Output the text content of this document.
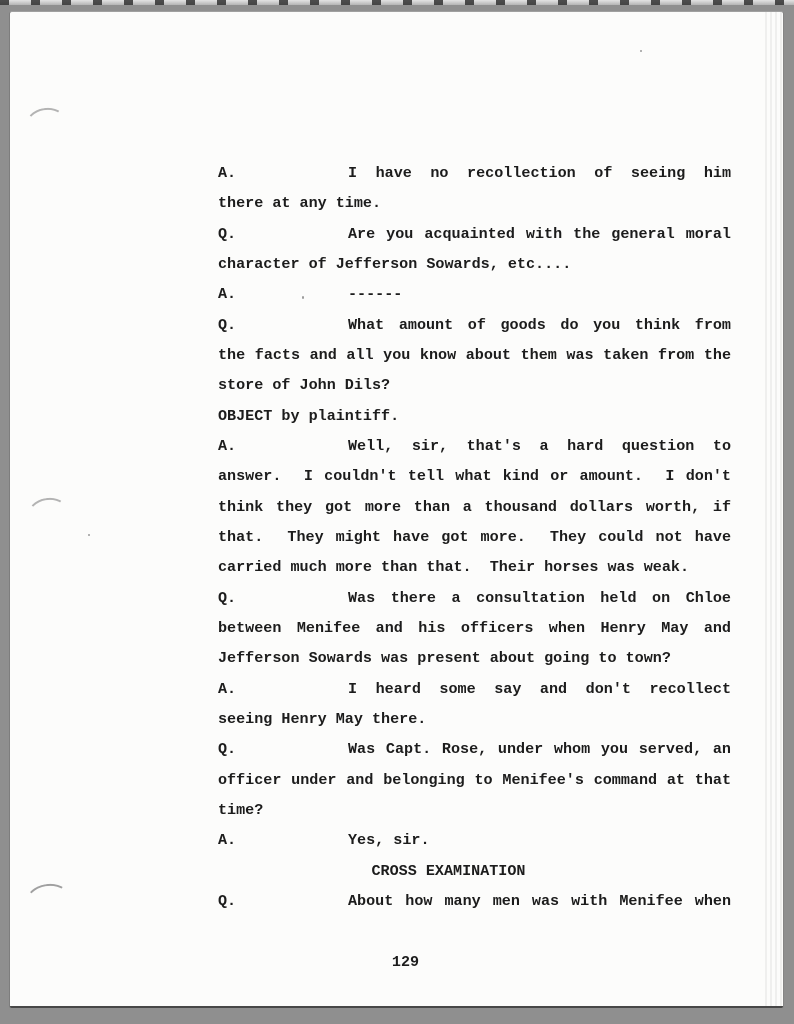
A.	I have no recollection of seeing him
there at any time.
Q.	Are you acquainted with the general moral
character of Jefferson Sowards, etc....
A.	------
Q.	What amount of goods do you think from
the facts and all you know about them was taken from the
store of John Dils?
OBJECT by plaintiff.
A.	Well, sir, that's a hard question to
answer.  I couldn't tell what kind or amount.  I don't
think they got more than a thousand dollars worth, if
that.  They might have got more.  They could not have
carried much more than that.  Their horses was weak.
Q.	Was there a consultation held on Chloe
between Menifee and his officers when Henry May and
Jefferson Sowards was present about going to town?
A.	I heard some say and don't recollect
seeing Henry May there.
Q.	Was Capt. Rose, under whom you served, an
officer under and belonging to Menifee's command at that
time?
A.	Yes, sir.
CROSS EXAMINATION
Q.	About how many men was with Menifee when
129
